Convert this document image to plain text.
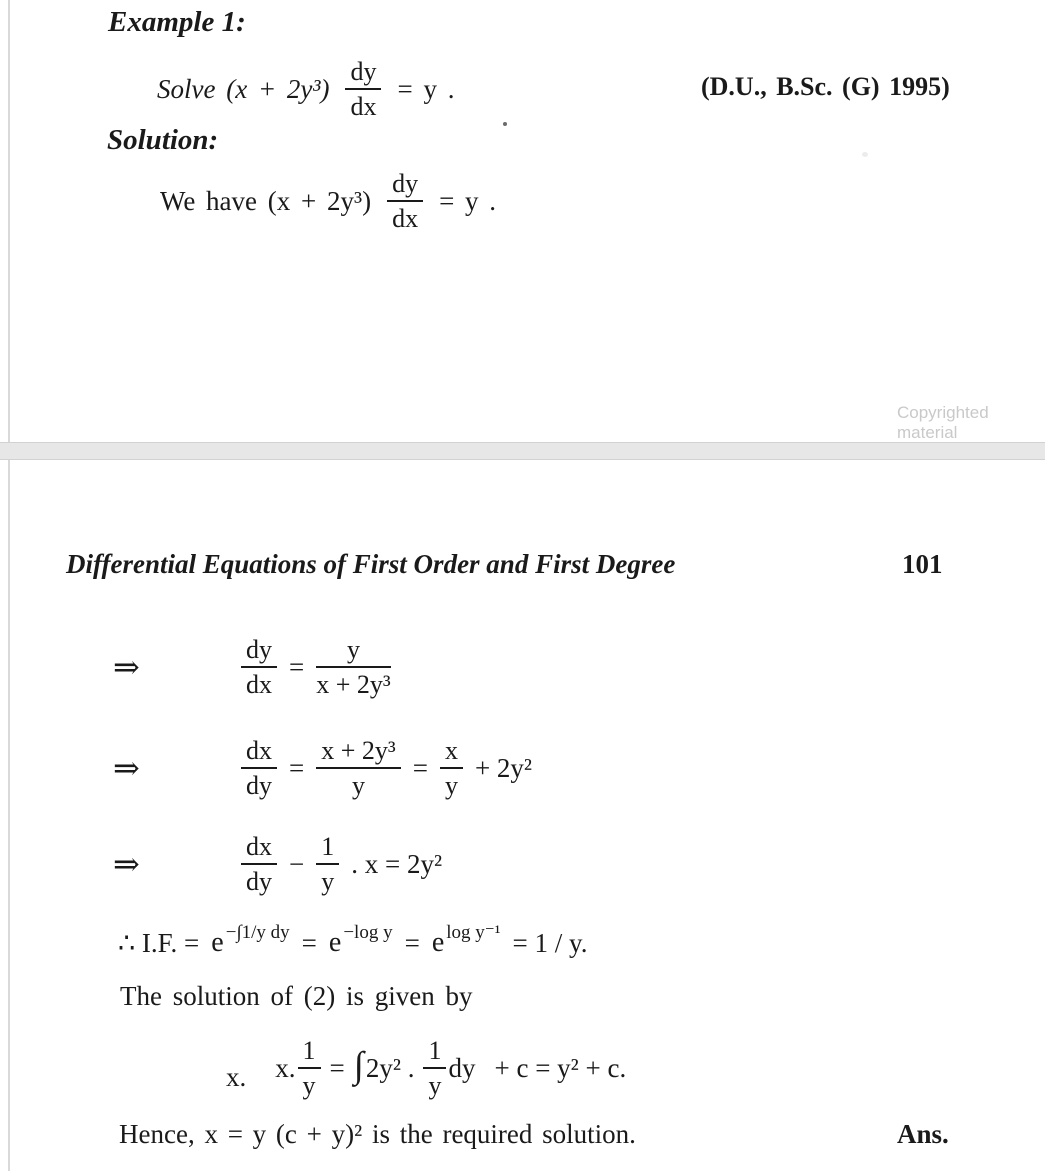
Example 1:
Solve $(x + 2y^3) \frac{dy}{dx} = y$ .	(D.U., B.Sc. (G) 1995)
Solution:
We have $(x + 2y^3) \frac{dy}{dx} = y$ .
Copyrighted material
Differential Equations of First Order and First Degree	101
⇒	$\frac{dy}{dx} = \frac{y}{\text{x + 2y³}}$
⇒	$\frac{dx}{dy} = \frac{\text{x + 2y³}}{y} = \frac{x}{y} + 2y^2$
⇒	$\frac{dx}{dy} - \frac{1}{y}$ . x = 2y²
∴ I.F. = e $^{-\int 1/y dy}$ = e $^{-log y}$ = e $^{log y^{-1}}$ = 1 / y.
The solution of (2) is given by
x. x. $\frac{1}{y}$ = ∫ 2y² . $\frac{1}{y}$ dy + c = y² + c.
Hence, x = y (c + y)² is the required solution.	Ans.
